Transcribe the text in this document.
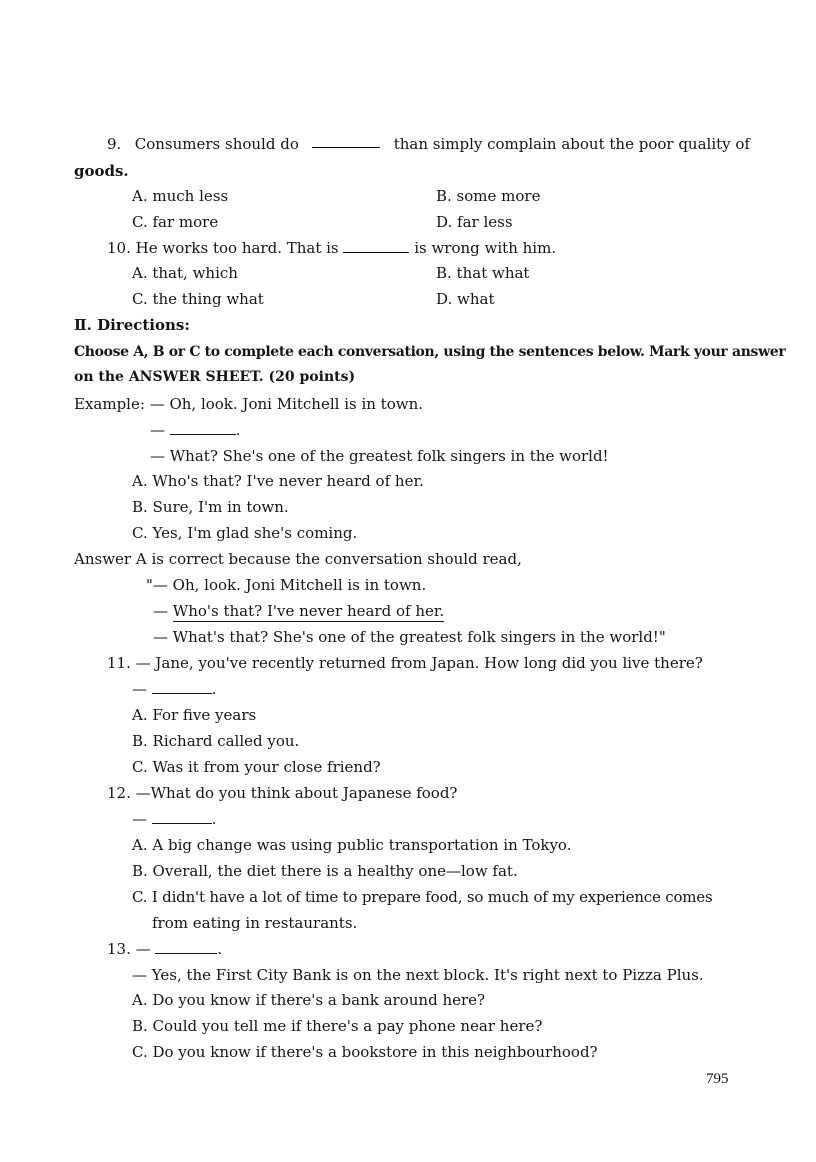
9. Consumers should do	than simply complain about the poor quality of
goods.
A. much less	B. some more
C. far more	D. far less
10. He works too hard. That is	is wrong with him.
A. that, which	B. that what
C. the thing what	D. what
Ⅱ. Directions:
Choose A, B or C to complete each conversation, using the sentences below. Mark your answer
on the ANSWER SHEET. (20 points)
Example: — Oh, look. Joni Mitchell is in town.
—	.
— What? She's one of the greatest folk singers in the world!
A. Who's that? I've never heard of her.
B. Sure, I'm in town.
C. Yes, I'm glad she's coming.
Answer A is correct because the conversation should read,
"— Oh, look. Joni Mitchell is in town.
— Who's that? I've never heard of her.
— What's that? She's one of the greatest folk singers in the world!"
11. — Jane, you've recently returned from Japan. How long did you live there?
—	.
A. For five years
B. Richard called you.
C. Was it from your close friend?
12. —What do you think about Japanese food?
—	.
A. A big change was using public transportation in Tokyo.
B. Overall, the diet there is a healthy one—low fat.
C. I didn't have a lot of time to prepare food, so much of my experience comes
from eating in restaurants.
13. —	.
— Yes, the First City Bank is on the next block. It's right next to Pizza Plus.
A. Do you know if there's a bank around here?
B. Could you tell me if there's a pay phone near here?
C. Do you know if there's a bookstore in this neighbourhood?
795
